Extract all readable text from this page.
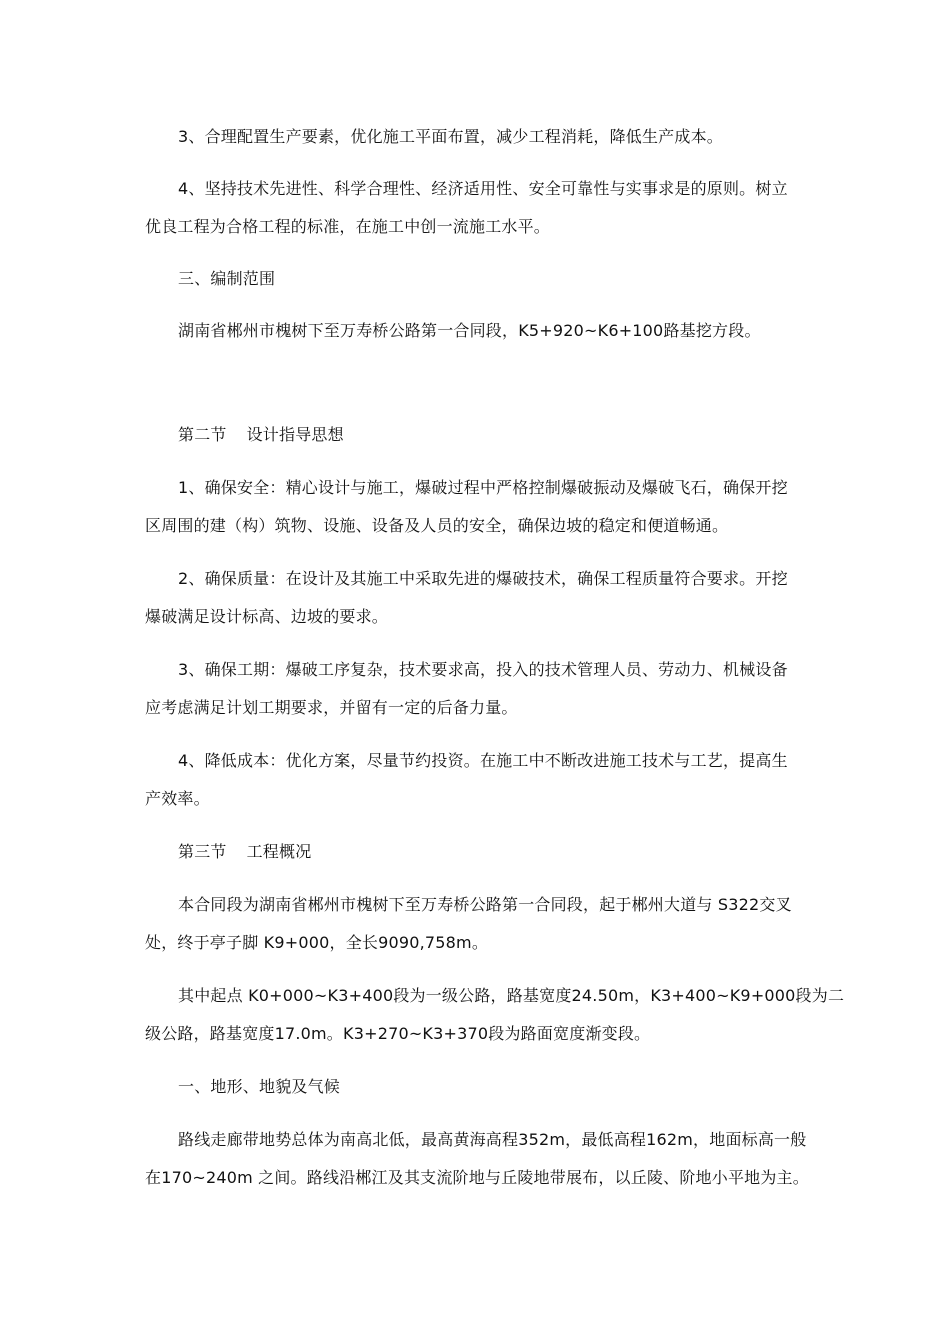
3、合理配置生产要素，优化施工平面布置，减少工程消耗，降低生产成本。

4、坚持技术先进性、科学合理性、经济适用性、安全可靠性与实事求是的原则。树立

优良工程为合格工程的标准，在施工中创一流施工水平。

三、编制范围

湖南省郴州市槐树下至万寿桥公路第一合同段，K5+920~K6+100路基挖方段。

第二节 设计指导思想

1、确保安全：精心设计与施工，爆破过程中严格控制爆破振动及爆破飞石，确保开挖

区周围的建（构）筑物、设施、设备及人员的安全，确保边坡的稳定和便道畅通。

2、确保质量：在设计及其施工中采取先进的爆破技术，确保工程质量符合要求。开挖

爆破满足设计标高、边坡的要求。

3、确保工期：爆破工序复杂，技术要求高，投入的技术管理人员、劳动力、机械设备

应考虑满足计划工期要求，并留有一定的后备力量。

4、降低成本：优化方案，尽量节约投资。在施工中不断改进施工技术与工艺，提高生

产效率。

第三节 工程概况

本合同段为湖南省郴州市槐树下至万寿桥公路第一合同段，起于郴州大道与 S322交叉

处，终于亭子脚 K9+000，全长9090,758m。

其中起点 K0+000~K3+400段为一级公路，路基宽度24.50m，K3+400~K9+000段为二

级公路，路基宽度17.0m。K3+270~K3+370段为路面宽度渐变段。

一、地形、地貌及气候

路线走廊带地势总体为南高北低，最高黄海高程352m，最低高程162m，地面标高一般

在170~240m 之间。路线沿郴江及其支流阶地与丘陵地带展布，以丘陵、阶地小平地为主。
